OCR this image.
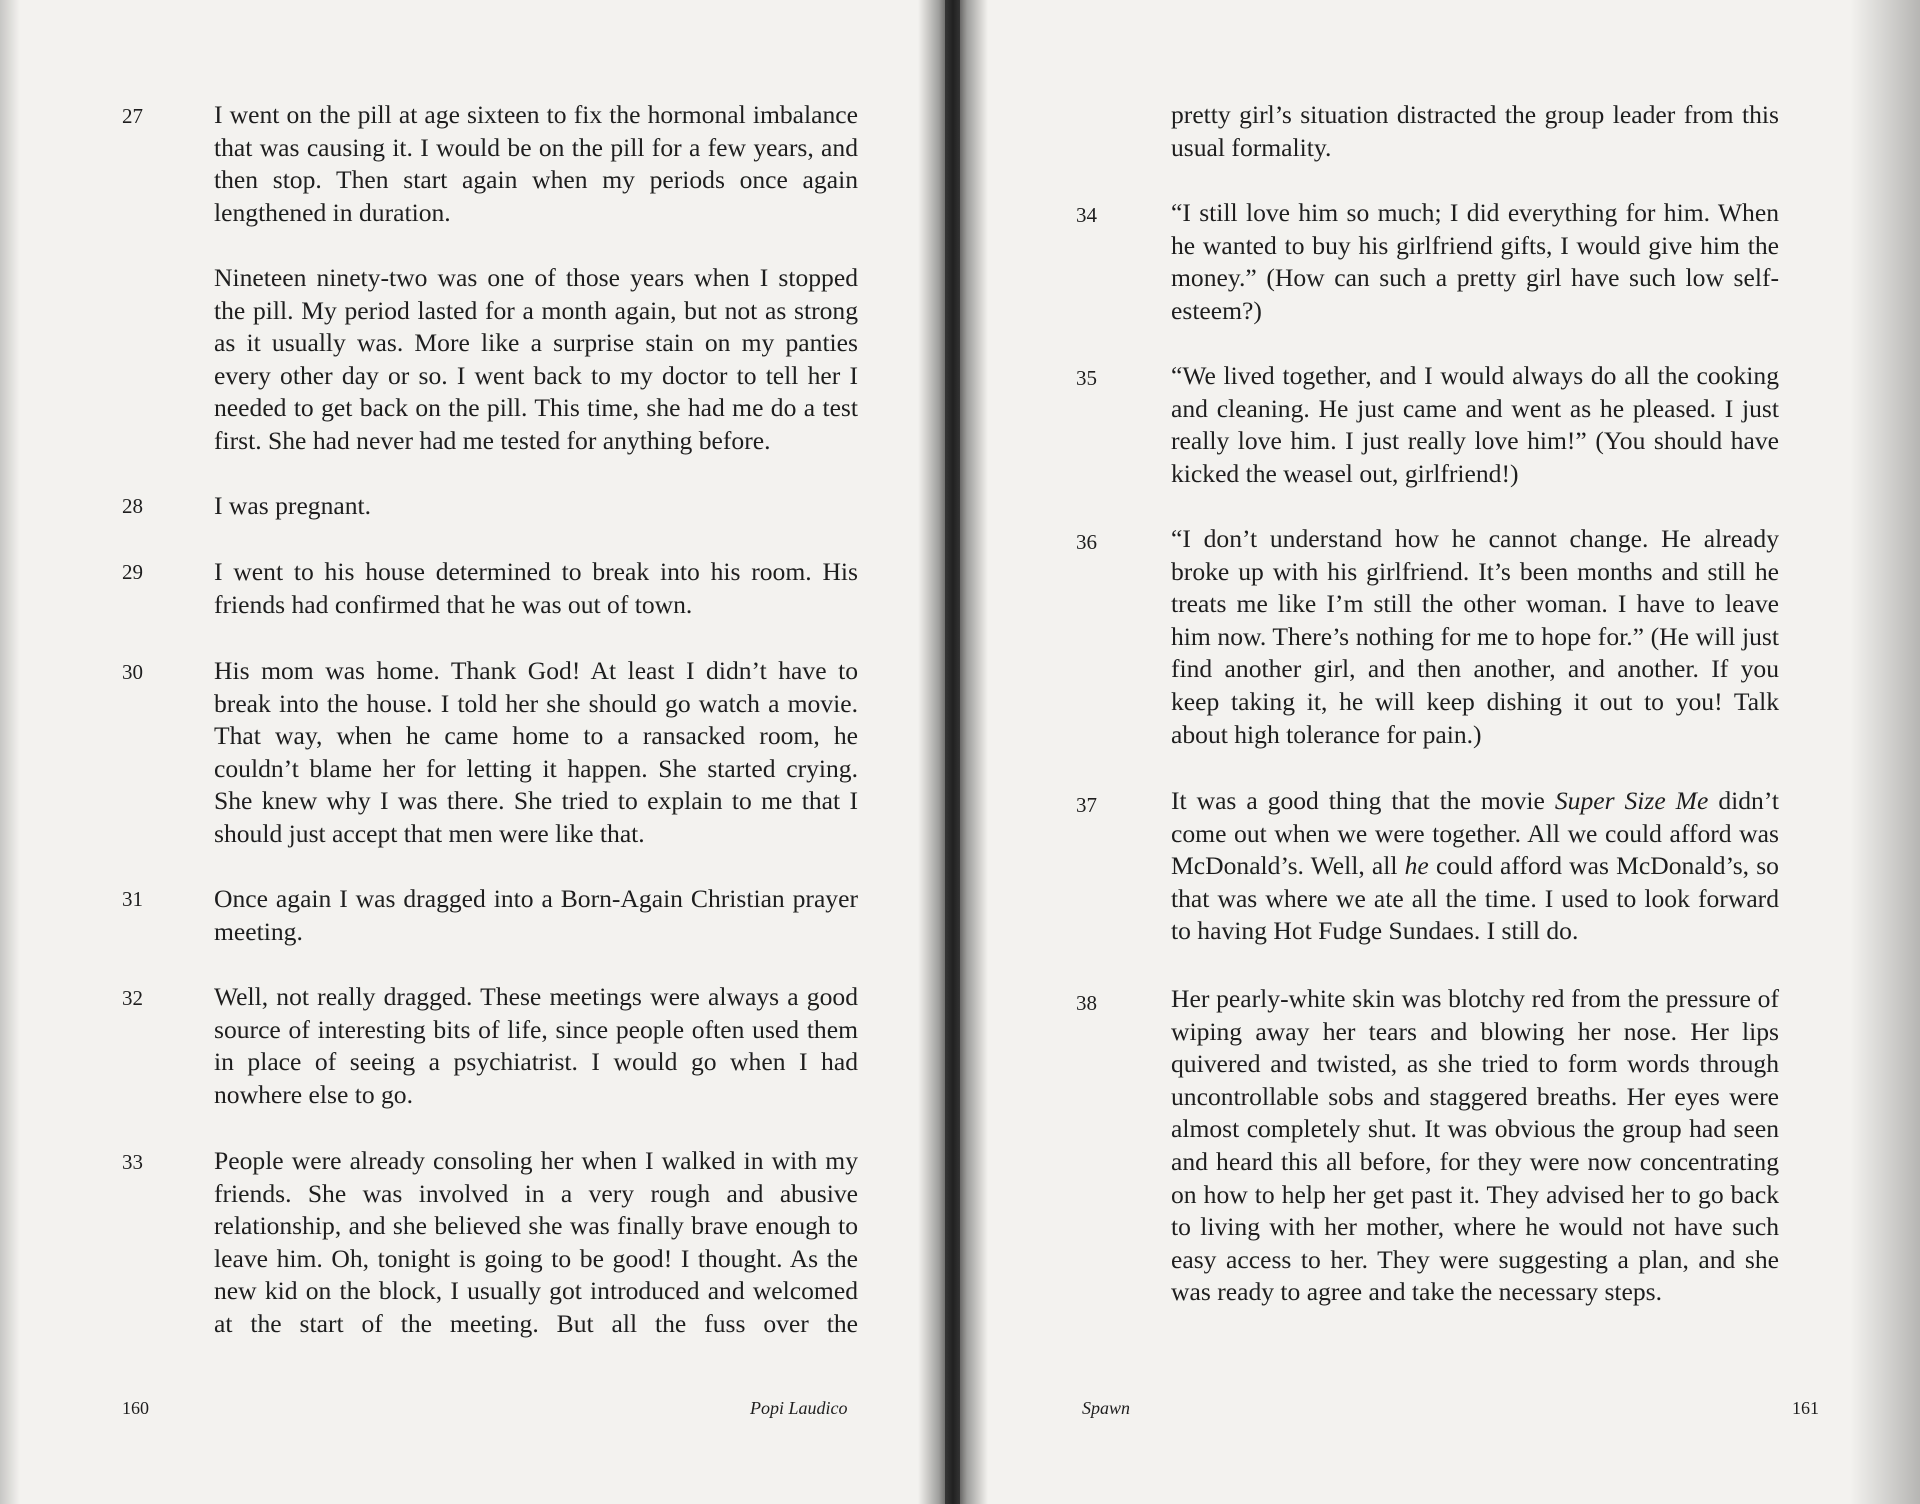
27	I went on the pill at age sixteen to fix the hormonal imbalance that was causing it. I would be on the pill for a few years, and then stop. Then start again when my periods once again lengthened in duration.
Nineteen ninety-two was one of those years when I stopped the pill. My period lasted for a month again, but not as strong as it usually was. More like a surprise stain on my panties every other day or so. I went back to my doctor to tell her I needed to get back on the pill. This time, she had me do a test first. She had never had me tested for anything before.
28	I was pregnant.
29	I went to his house determined to break into his room. His friends had confirmed that he was out of town.
30	His mom was home. Thank God! At least I didn’t have to break into the house. I told her she should go watch a movie. That way, when he came home to a ransacked room, he couldn’t blame her for letting it happen. She started crying. She knew why I was there. She tried to explain to me that I should just accept that men were like that.
31	Once again I was dragged into a Born-Again Christian prayer meeting.
32	Well, not really dragged. These meetings were always a good source of interesting bits of life, since people often used them in place of seeing a psychiatrist. I would go when I had nowhere else to go.
33	People were already consoling her when I walked in with my friends. She was involved in a very rough and abusive relationship, and she believed she was finally brave enough to leave him. Oh, tonight is going to be good! I thought. As the new kid on the block, I usually got introduced and welcomed at the start of the meeting. But all the fuss over the
160	Popi Laudico
pretty girl’s situation distracted the group leader from this usual formality.
34	“I still love him so much; I did everything for him. When he wanted to buy his girlfriend gifts, I would give him the money.” (How can such a pretty girl have such low self-esteem?)
35	“We lived together, and I would always do all the cooking and cleaning. He just came and went as he pleased. I just really love him. I just really love him!” (You should have kicked the weasel out, girlfriend!)
36	“I don’t understand how he cannot change. He already broke up with his girlfriend. It’s been months and still he treats me like I’m still the other woman. I have to leave him now. There’s nothing for me to hope for.” (He will just find another girl, and then another, and another. If you keep taking it, he will keep dishing it out to you! Talk about high tolerance for pain.)
37	It was a good thing that the movie Super Size Me didn’t come out when we were together. All we could afford was McDonald’s. Well, all he could afford was McDonald’s, so that was where we ate all the time. I used to look forward to having Hot Fudge Sundaes. I still do.
38	Her pearly-white skin was blotchy red from the pressure of wiping away her tears and blowing her nose. Her lips quivered and twisted, as she tried to form words through uncontrollable sobs and staggered breaths. Her eyes were almost completely shut. It was obvious the group had seen and heard this all before, for they were now concentrating on how to help her get past it. They advised her to go back to living with her mother, where he would not have such easy access to her. They were suggesting a plan, and she was ready to agree and take the necessary steps.
Spawn	161
